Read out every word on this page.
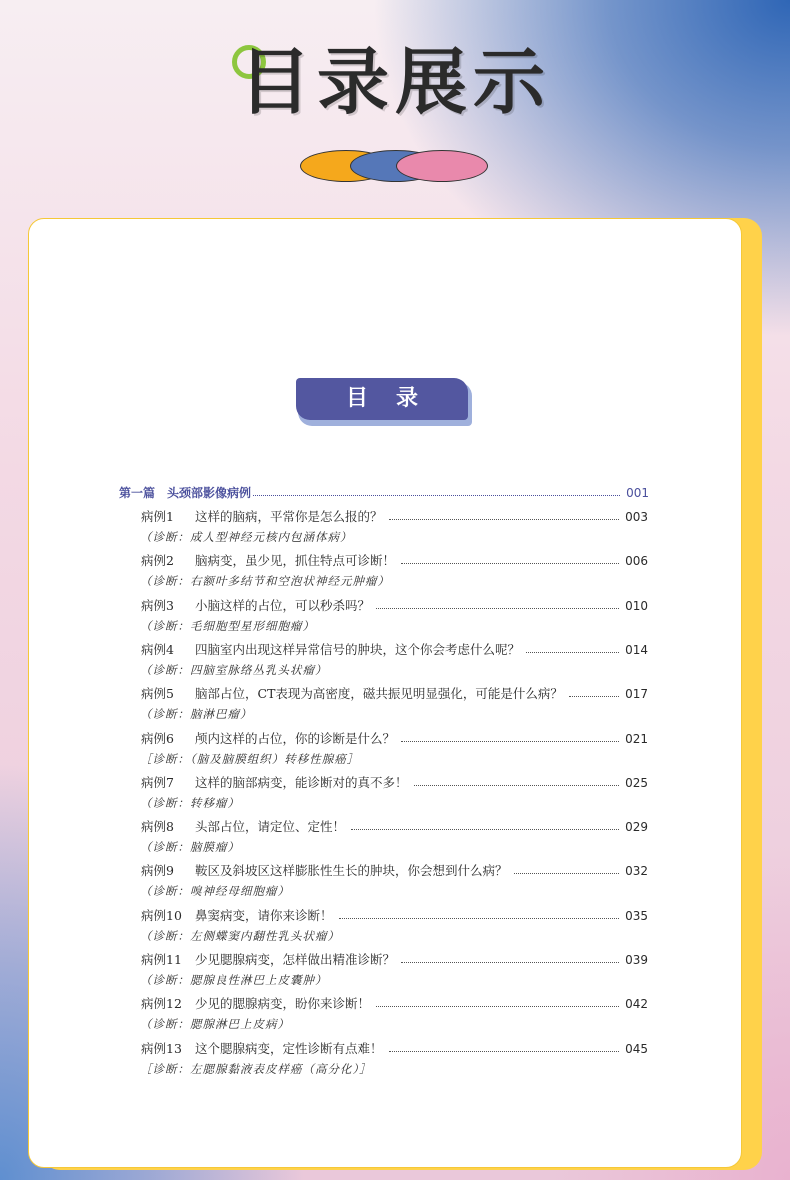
目录展示
目录
第一篇　头颈部影像病例	001
病例1	这样的脑病，平常你是怎么报的？	003
（诊断：成人型神经元核内包涵体病）
病例2	脑病变，虽少见，抓住特点可诊断！	006
（诊断：右额叶多结节和空泡状神经元肿瘤）
病例3	小脑这样的占位，可以秒杀吗？	010
（诊断：毛细胞型星形细胞瘤）
病例4	四脑室内出现这样异常信号的肿块，这个你会考虑什么呢？	014
（诊断：四脑室脉络丛乳头状瘤）
病例5	脑部占位，CT表现为高密度，磁共振见明显强化，可能是什么病？	017
（诊断：脑淋巴瘤）
病例6	颅内这样的占位，你的诊断是什么？	021
［诊断：（脑及脑膜组织）转移性腺癌］
病例7	这样的脑部病变，能诊断对的真不多！	025
（诊断：转移瘤）
病例8	头部占位，请定位、定性！	029
（诊断：脑膜瘤）
病例9	鞍区及斜坡区这样膨胀性生长的肿块，你会想到什么病？	032
（诊断：嗅神经母细胞瘤）
病例10	鼻窦病变，请你来诊断！	035
（诊断：左侧蝶窦内翻性乳头状瘤）
病例11	少见腮腺病变，怎样做出精准诊断？	039
（诊断：腮腺良性淋巴上皮囊肿）
病例12	少见的腮腺病变，盼你来诊断！	042
（诊断：腮腺淋巴上皮病）
病例13	这个腮腺病变，定性诊断有点难！	045
［诊断：左腮腺黏液表皮样癌（高分化）］
